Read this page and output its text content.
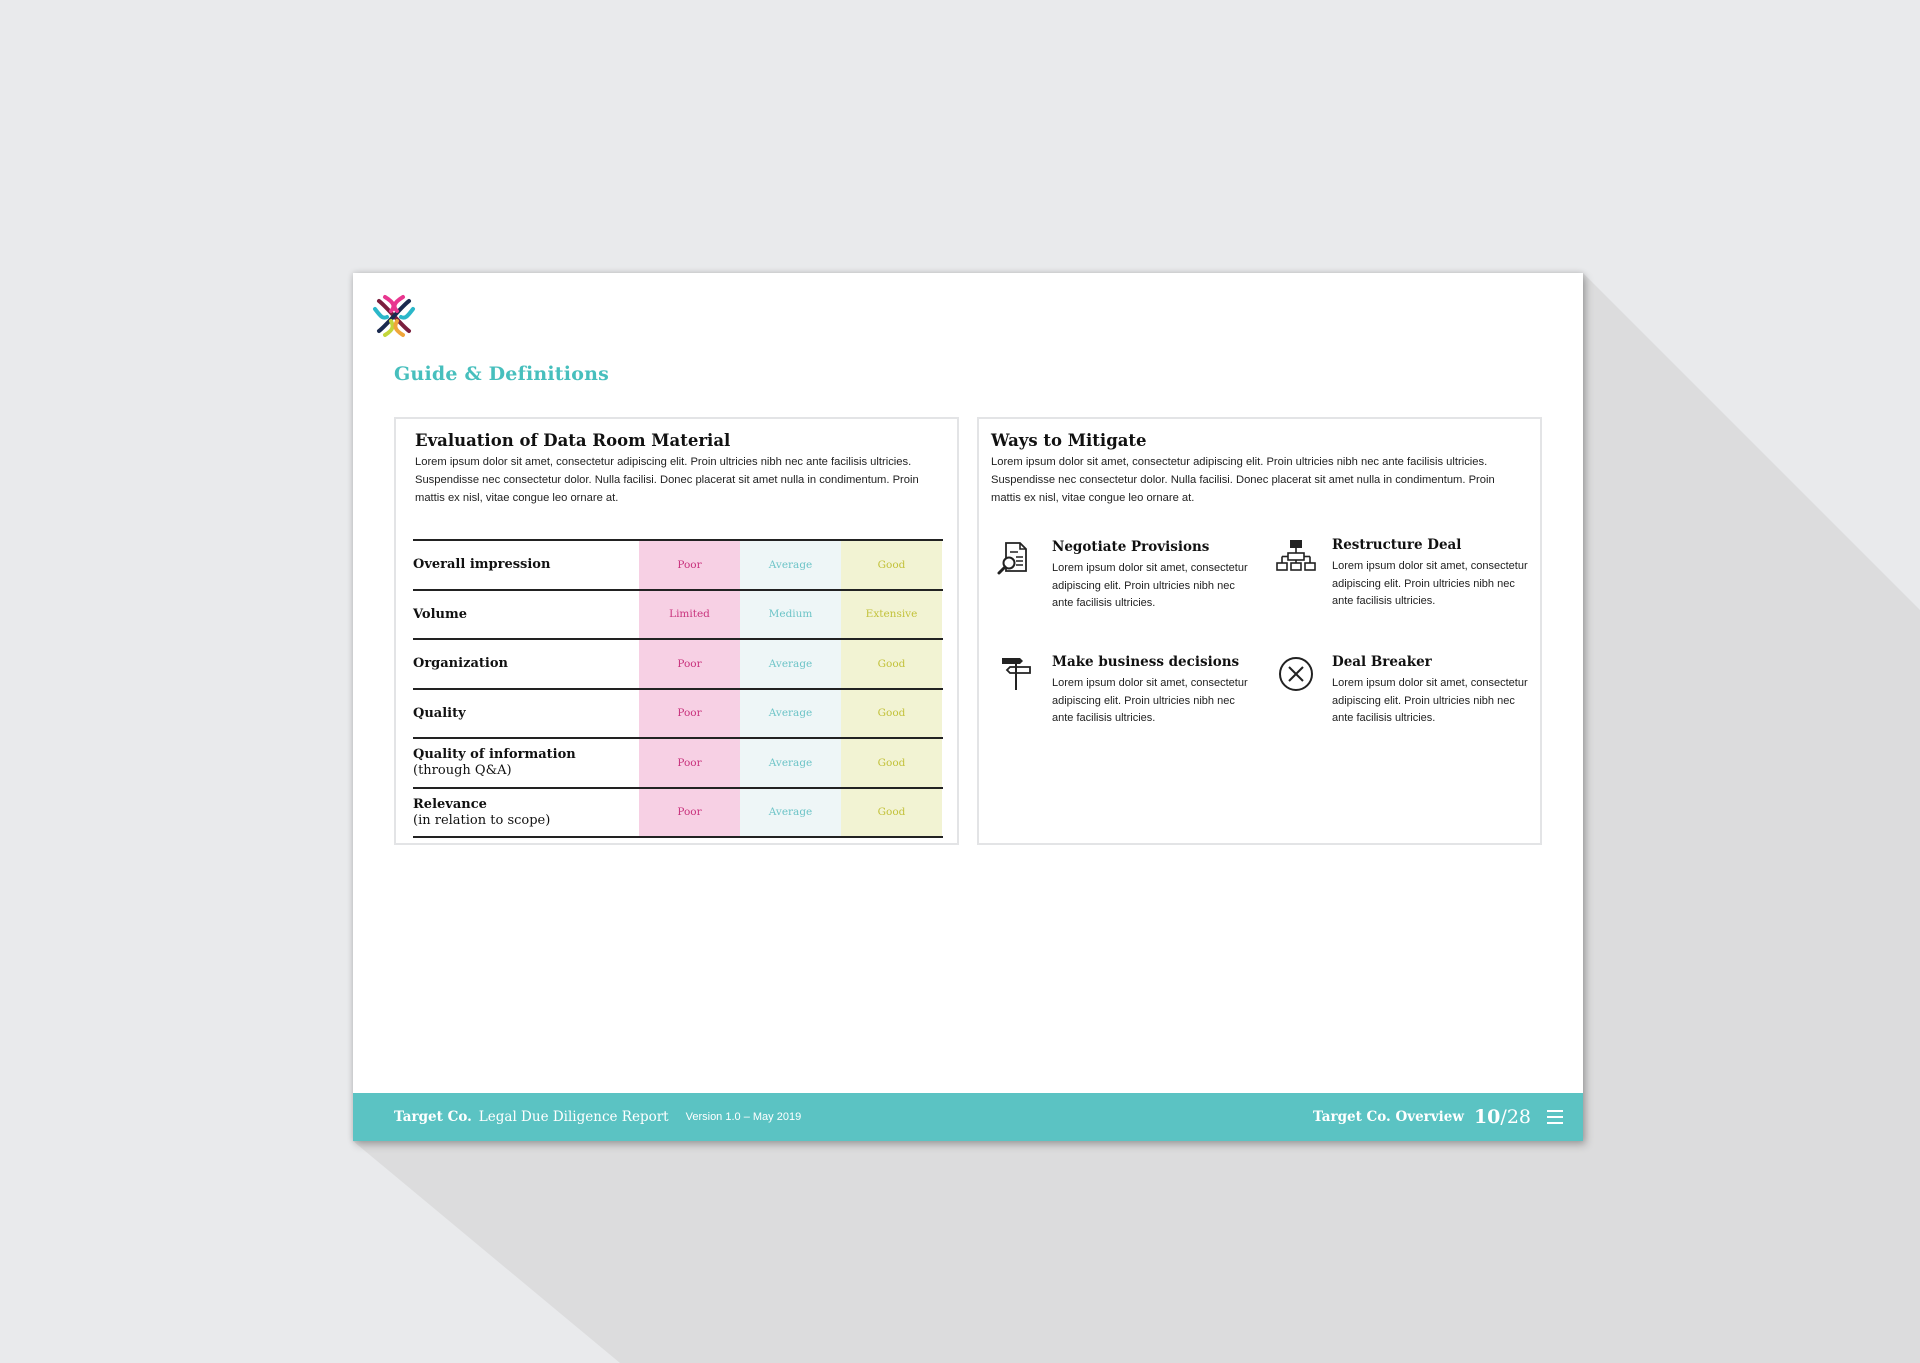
Guide & Definitions
Evaluation of Data Room Material
Lorem ipsum dolor sit amet, consectetur adipiscing elit. Proin ultricies nibh nec ante facilisis ultricies. Suspendisse nec consectetur dolor. Nulla facilisi. Donec placerat sit amet nulla in condimentum. Proin mattis ex nisl, vitae congue leo ornare at.
Overall impression	Poor	Average	Good
Volume	Limited	Medium	Extensive
Organization	Poor	Average	Good
Quality	Poor	Average	Good
Quality of information
(through Q&A)
Poor	Average	Good
Relevance
(in relation to scope)
Poor	Average	Good
Ways to Mitigate
Lorem ipsum dolor sit amet, consectetur adipiscing elit. Proin ultricies nibh nec ante facilisis ultricies. Suspendisse nec consectetur dolor. Nulla facilisi. Donec placerat sit amet nulla in condimentum. Proin mattis ex nisl, vitae congue leo ornare at.
Negotiate Provisions
Lorem ipsum dolor sit amet, consectetur adipiscing elit. Proin ultricies nibh nec ante facilisis ultricies.
Restructure Deal
Lorem ipsum dolor sit amet, consectetur adipiscing elit. Proin ultricies nibh nec ante facilisis ultricies.
Make business decisions
Lorem ipsum dolor sit amet, consectetur adipiscing elit. Proin ultricies nibh nec ante facilisis ultricies.
Deal Breaker
Lorem ipsum dolor sit amet, consectetur adipiscing elit. Proin ultricies nibh nec ante facilisis ultricies.
Target Co. Legal Due Diligence Report Version 1.0 – May 2019	Target Co. Overview 10/28
